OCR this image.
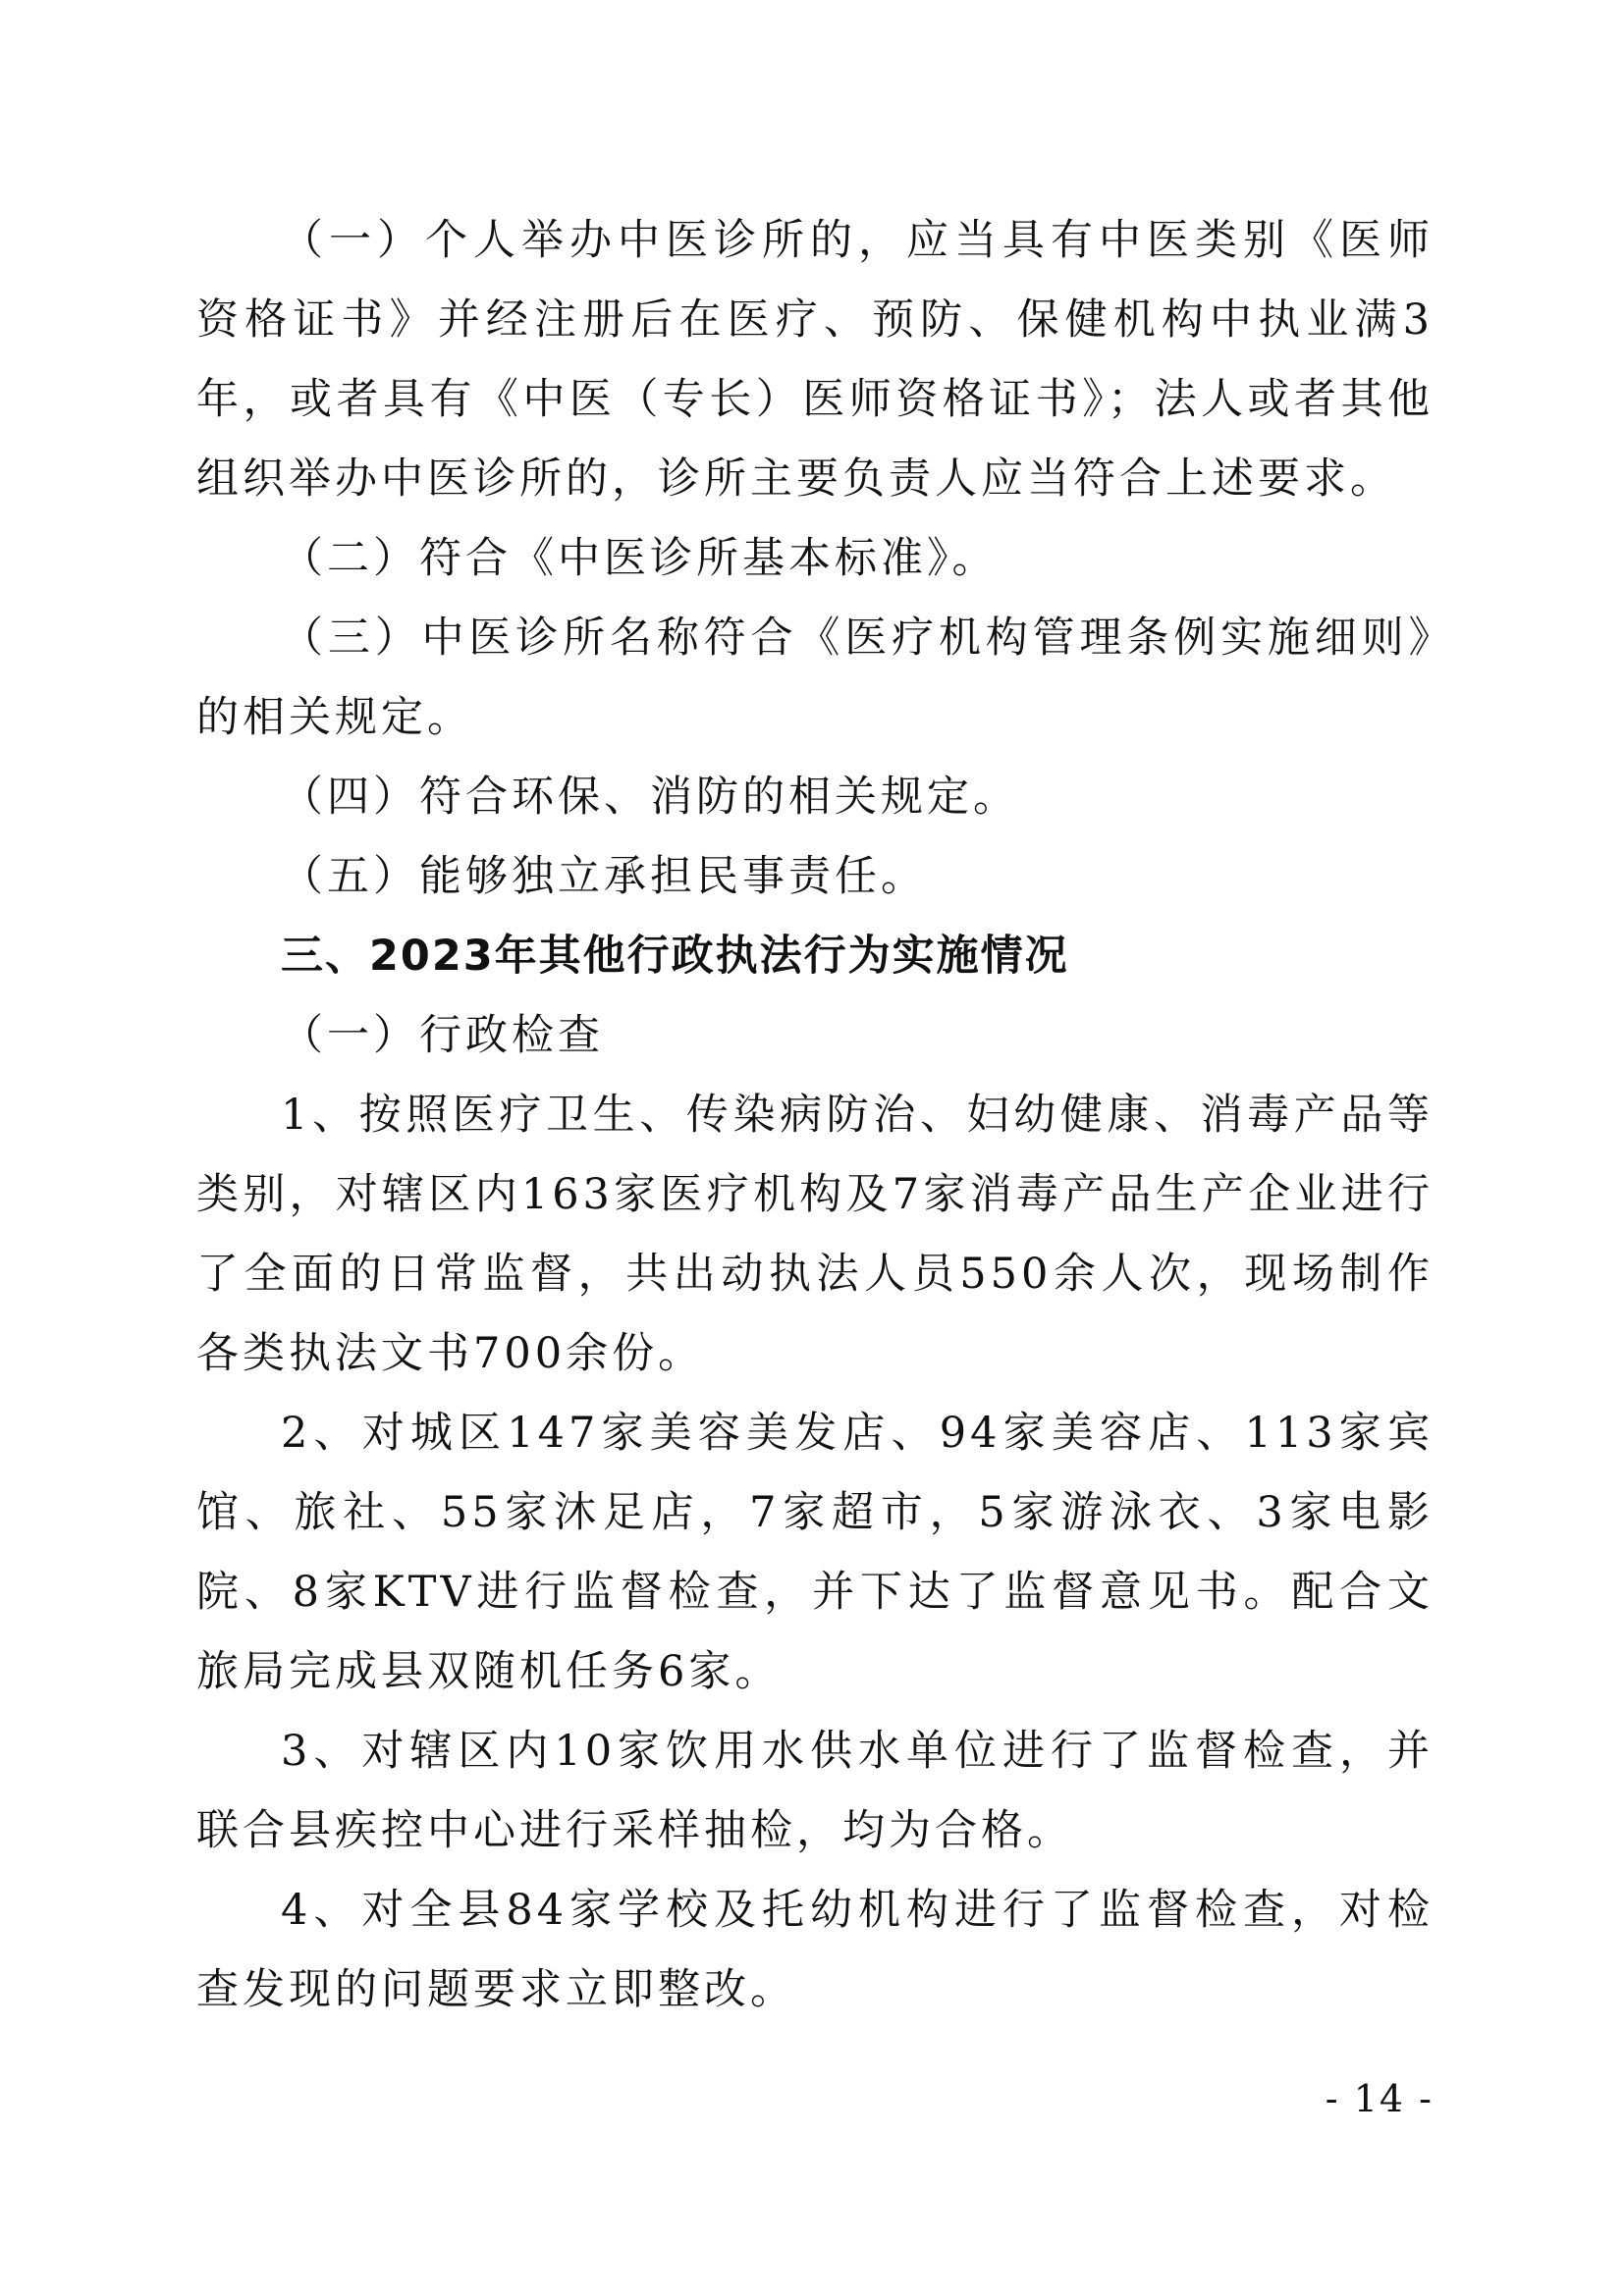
（一）个人举办中医诊所的，应当具有中医类别《医师资格证书》并经注册后在医疗、预防、保健机构中执业满3年，或者具有《中医（专长）医师资格证书》；法人或者其他组织举办中医诊所的，诊所主要负责人应当符合上述要求。

（二）符合《中医诊所基本标准》。

（三）中医诊所名称符合《医疗机构管理条例实施细则》的相关规定。

（四）符合环保、消防的相关规定。

（五）能够独立承担民事责任。

三、2023年其他行政执法行为实施情况

（一）行政检查

1、按照医疗卫生、传染病防治、妇幼健康、消毒产品等类别，对辖区内163家医疗机构及7家消毒产品生产企业进行了全面的日常监督，共出动执法人员550余人次，现场制作各类执法文书700余份。

2、对城区147家美容美发店、94家美容店、113家宾馆、旅社、55家沐足店，7家超市，5家游泳衣、3家电影院、8家KTV进行监督检查，并下达了监督意见书。配合文旅局完成县双随机任务6家。

3、对辖区内10家饮用水供水单位进行了监督检查，并联合县疾控中心进行采样抽检，均为合格。

4、对全县84家学校及托幼机构进行了监督检查，对检查发现的问题要求立即整改。

- 14 -
